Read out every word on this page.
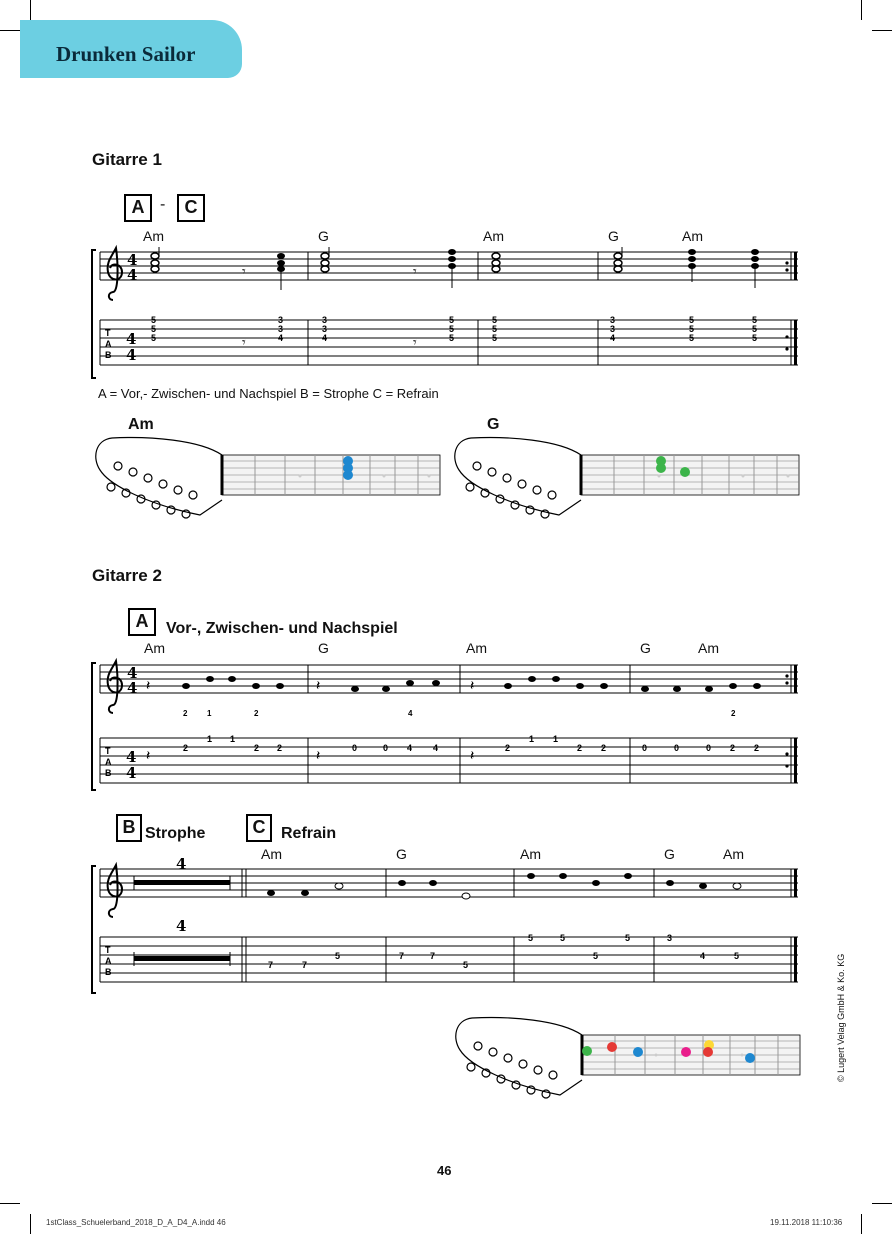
Drunken Sailor
Gitarre 1
A -	C
Am	G	Am	G	Am
4
4
T
A
B
4
4
𝄾	𝄾
𝄾	𝄾
5
5
5
3
3
4
3
3
4
5
5
5
5
5
5
3
3
4
5
5
5
5
5
5
A = Vor,- Zwischen- und Nachspiel B = Strophe C = Refrain
Am	G
Gitarre 2
A	Vor-, Zwischen- und Nachspiel
Am	G	Am	G	Am
4
4
T
A
B
4
4
𝄽	𝄽	𝄽
𝄽	𝄽	𝄽
2 1	2	4	2
2
1 1
2 2	0	0 4 4	2
1 1
2 2	0	0	0 2 2
B Strophe	C Refrain
Am	G	Am	G	Am
T
A
B
4
4
7	7
5	7	7
5
5	5
5
5	3
4	5	© Lugert Velag GmbH & Ko. KG
46
1stClass_Schuelerband_2018_D_A_D4_A.indd 46	19.11.2018 11:10:36
